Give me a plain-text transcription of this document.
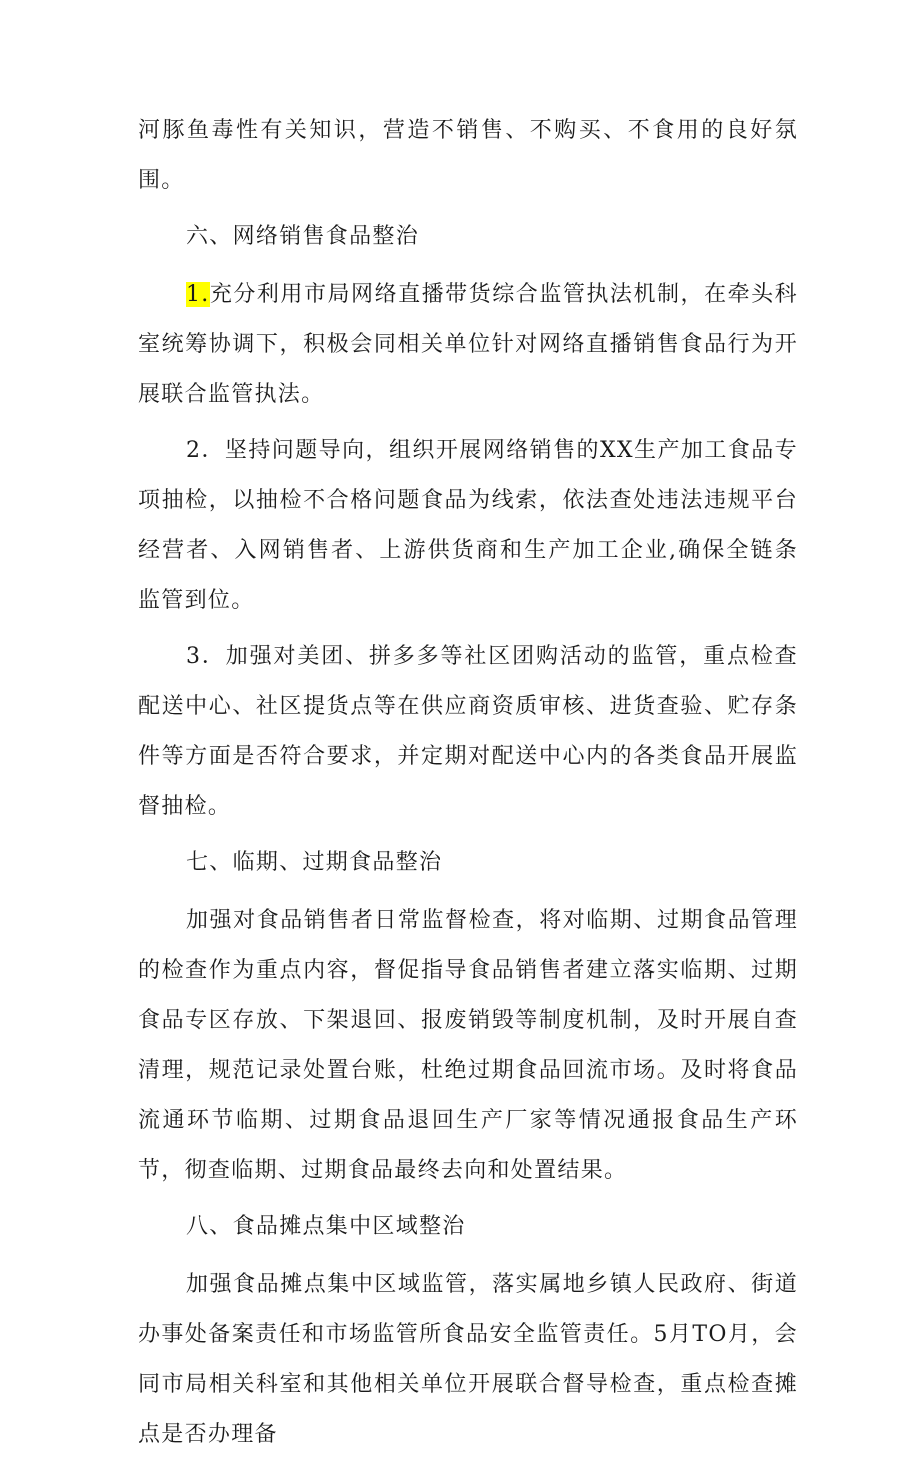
河豚鱼毒性有关知识，营造不销售、不购买、不食用的良好氛围。

六、网络销售食品整治

1.充分利用市局网络直播带货综合监管执法机制，在牵头科室统筹协调下，积极会同相关单位针对网络直播销售食品行为开展联合监管执法。

2．坚持问题导向，组织开展网络销售的XX生产加工食品专项抽检，以抽检不合格问题食品为线索，依法查处违法违规平台经营者、入网销售者、上游供货商和生产加工企业,确保全链条监管到位。

3．加强对美团、拼多多等社区团购活动的监管，重点检查配送中心、社区提货点等在供应商资质审核、进货查验、贮存条件等方面是否符合要求，并定期对配送中心内的各类食品开展监督抽检。

七、临期、过期食品整治

加强对食品销售者日常监督检查，将对临期、过期食品管理的检查作为重点内容，督促指导食品销售者建立落实临期、过期食品专区存放、下架退回、报废销毁等制度机制，及时开展自查清理，规范记录处置台账，杜绝过期食品回流市场。及时将食品流通环节临期、过期食品退回生产厂家等情况通报食品生产环节，彻查临期、过期食品最终去向和处置结果。

八、食品摊点集中区域整治

加强食品摊点集中区域监管，落实属地乡镇人民政府、街道办事处备案责任和市场监管所食品安全监管责任。5月TO月，会同市局相关科室和其他相关单位开展联合督导检查，重点检查摊点是否办理备
